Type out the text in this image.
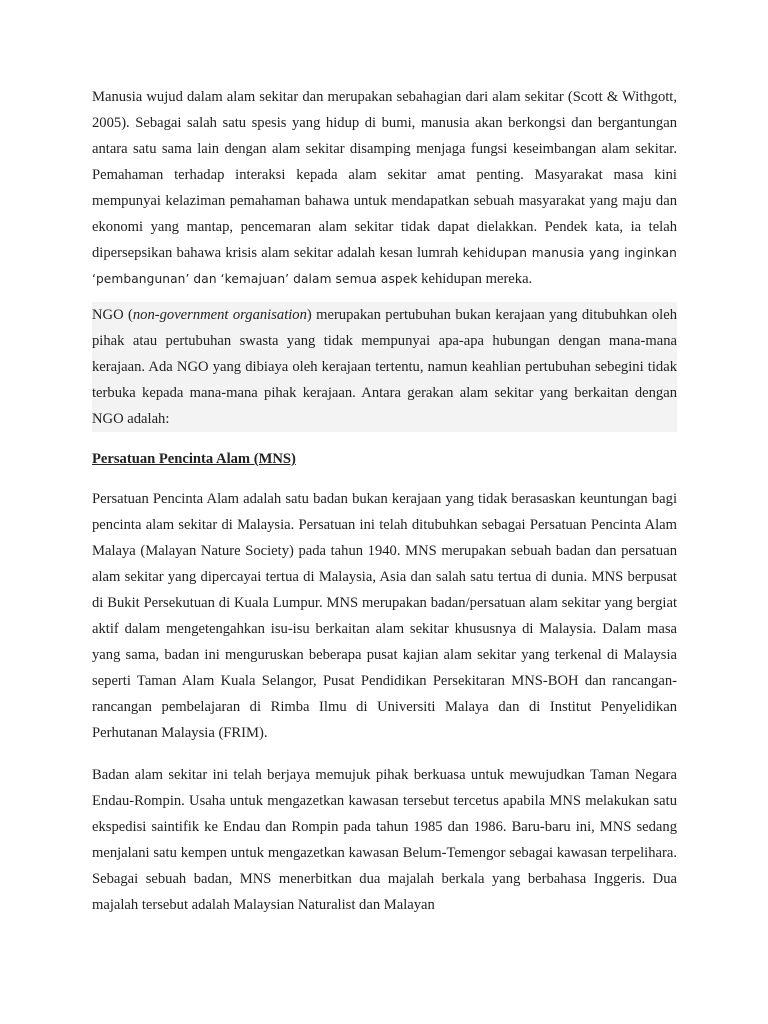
Manusia wujud dalam alam sekitar dan merupakan sebahagian dari alam sekitar (Scott & Withgott, 2005). Sebagai salah satu spesis yang hidup di bumi, manusia akan berkongsi dan bergantungan antara satu sama lain dengan alam sekitar disamping menjaga fungsi keseimbangan alam sekitar. Pemahaman terhadap interaksi kepada alam sekitar amat penting. Masyarakat masa kini mempunyai kelaziman pemahaman bahawa untuk mendapatkan sebuah masyarakat yang maju dan ekonomi yang mantap, pencemaran alam sekitar tidak dapat dielakkan. Pendek kata, ia telah dipersepsikan bahawa krisis alam sekitar adalah kesan lumrah kehidupan manusia yang inginkan ‘pembangunan’ dan ‘kemajuan’ dalam semua aspek kehidupan mereka.

NGO (non-government organisation) merupakan pertubuhan bukan kerajaan yang ditubuhkan oleh pihak atau pertubuhan swasta yang tidak mempunyai apa-apa hubungan dengan mana-mana kerajaan. Ada NGO yang dibiaya oleh kerajaan tertentu, namun keahlian pertubuhan sebegini tidak terbuka kepada mana-mana pihak kerajaan. Antara gerakan alam sekitar yang berkaitan dengan NGO adalah:

Persatuan Pencinta Alam (MNS)

Persatuan Pencinta Alam adalah satu badan bukan kerajaan yang tidak berasaskan keuntungan bagi pencinta alam sekitar di Malaysia. Persatuan ini telah ditubuhkan sebagai Persatuan Pencinta Alam Malaya (Malayan Nature Society) pada tahun 1940. MNS merupakan sebuah badan dan persatuan alam sekitar yang dipercayai tertua di Malaysia, Asia dan salah satu tertua di dunia. MNS berpusat di Bukit Persekutuan di Kuala Lumpur. MNS merupakan badan/persatuan alam sekitar yang bergiat aktif dalam mengetengahkan isu-isu berkaitan alam sekitar khususnya di Malaysia. Dalam masa yang sama, badan ini menguruskan beberapa pusat kajian alam sekitar yang terkenal di Malaysia seperti Taman Alam Kuala Selangor, Pusat Pendidikan Persekitaran MNS-BOH dan rancangan-rancangan pembelajaran di Rimba Ilmu di Universiti Malaya dan di Institut Penyelidikan Perhutanan Malaysia (FRIM).

Badan alam sekitar ini telah berjaya memujuk pihak berkuasa untuk mewujudkan Taman Negara Endau-Rompin. Usaha untuk mengazetkan kawasan tersebut tercetus apabila MNS melakukan satu ekspedisi saintifik ke Endau dan Rompin pada tahun 1985 dan 1986. Baru-baru ini, MNS sedang menjalani satu kempen untuk mengazetkan kawasan Belum-Temengor sebagai kawasan terpelihara. Sebagai sebuah badan, MNS menerbitkan dua majalah berkala yang berbahasa Inggeris. Dua majalah tersebut adalah Malaysian Naturalist dan Malayan
